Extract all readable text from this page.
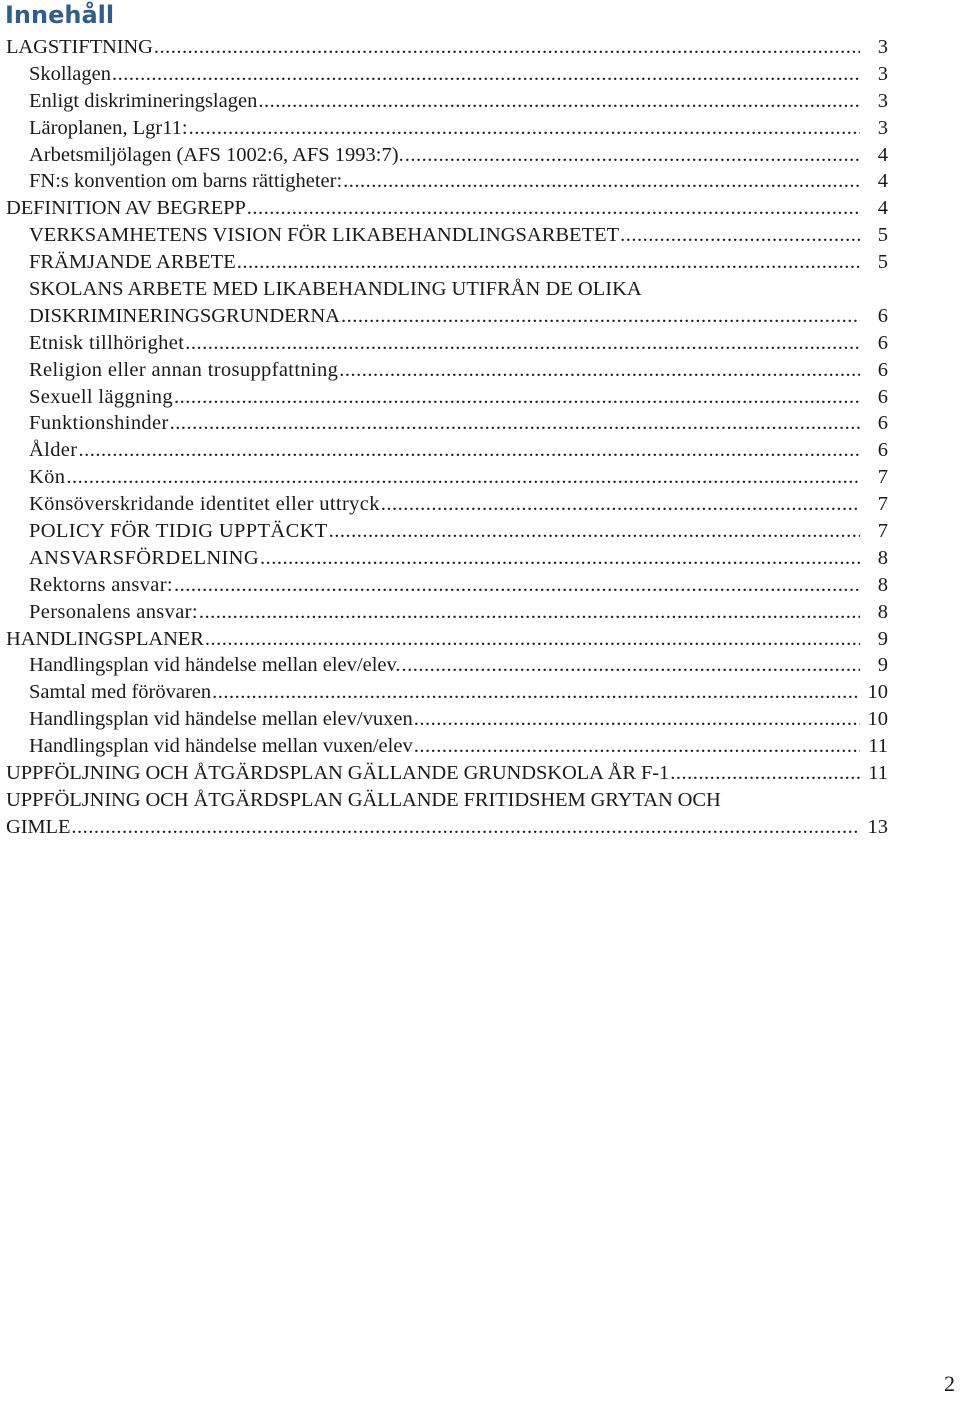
Innehåll
LAGSTIFTNING .....	3
Skollagen .....	3
Enligt diskrimineringslagen .....	3
Läroplanen, Lgr11: .....	3
Arbetsmiljölagen (AFS 1002:6, AFS 1993:7). .....	4
FN:s konvention om barns rättigheter: .....	4
DEFINITION AV BEGREPP .....	4
VERKSAMHETENS VISION FÖR LIKABEHANDLINGSARBETET .....	5
FRÄMJANDE ARBETE .....	5
SKOLANS ARBETE MED LIKABEHANDLING UTIFRÅN DE OLIKA
DISKRIMINERINGSGRUNDERNA .....	6
Etnisk tillhörighet .....	6
Religion eller annan trosuppfattning .....	6
Sexuell läggning .....	6
Funktionshinder .....	6
Ålder .....	6
Kön .....	7
Könsöverskridande identitet eller uttryck .....	7
POLICY FÖR TIDIG UPPTÄCKT .....	7
ANSVARSFÖRDELNING .....	8
Rektorns ansvar: .....	8
Personalens ansvar: .....	8
HANDLINGSPLANER .....	9
Handlingsplan vid händelse mellan elev/elev. .....	9
Samtal med förövaren .....	10
Handlingsplan vid händelse mellan elev/vuxen .....	10
Handlingsplan vid händelse mellan vuxen/elev .....	11
UPPFÖLJNING OCH ÅTGÄRDSPLAN GÄLLANDE GRUNDSKOLA ÅR F-1 .....	11
UPPFÖLJNING OCH ÅTGÄRDSPLAN GÄLLANDE FRITIDSHEM GRYTAN OCH
GIMLE .....	13
2
